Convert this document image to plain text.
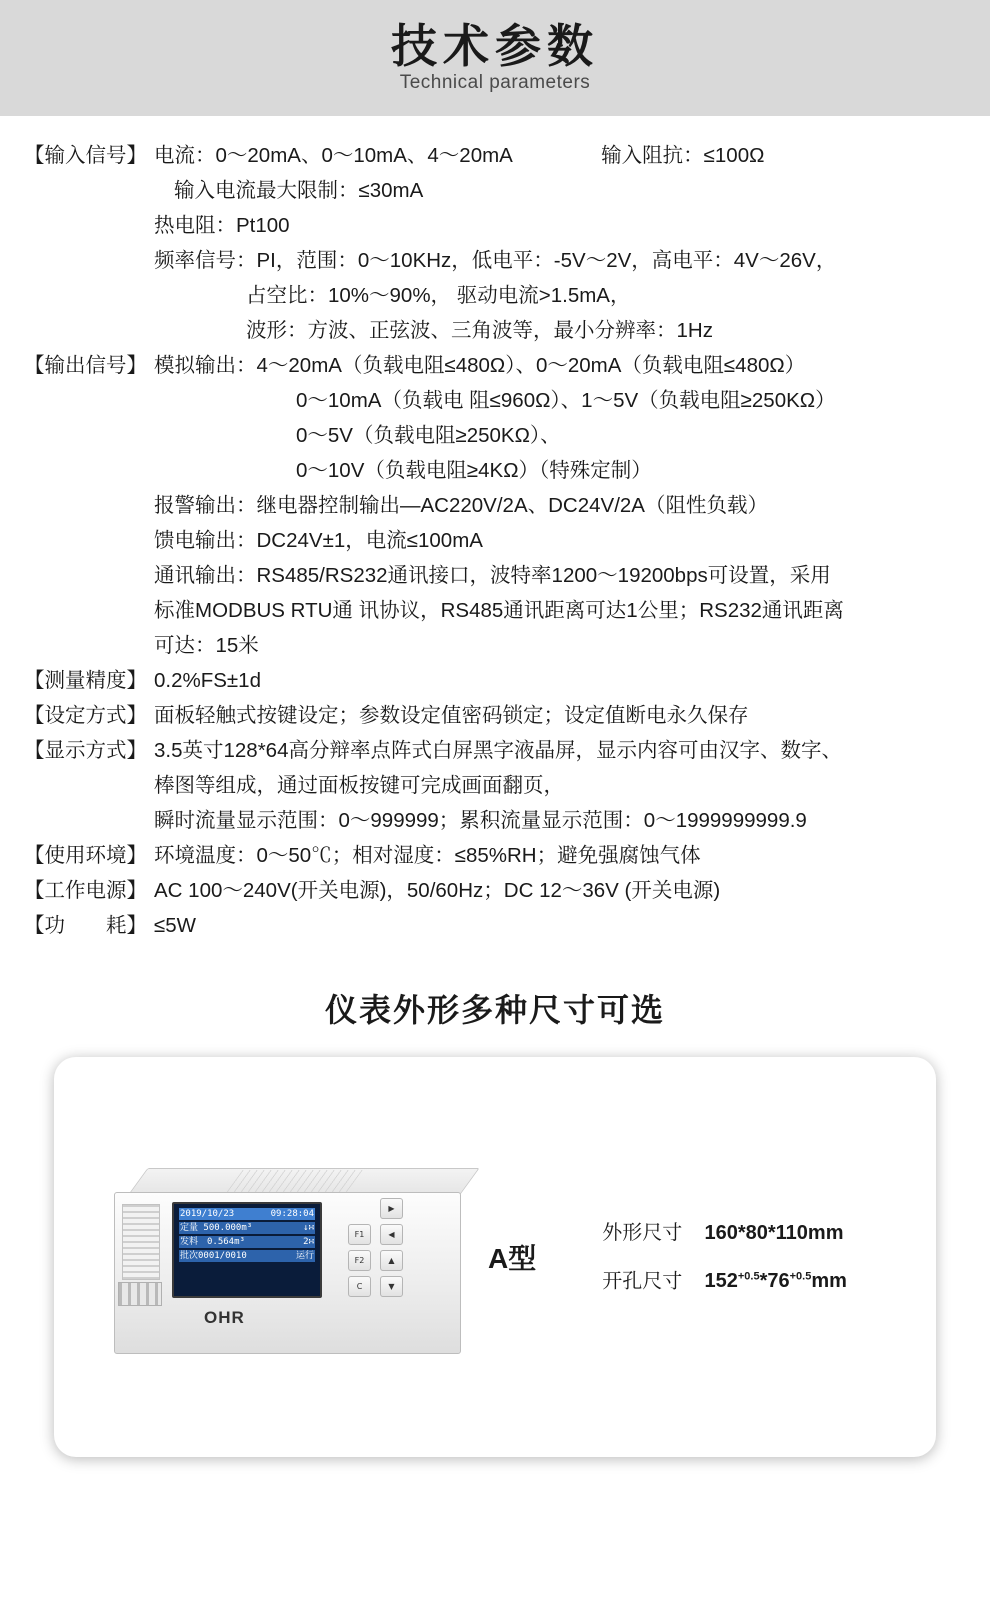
技术参数
Technical parameters
【输入信号】 电流：0～20mA、0～10mA、4～20mA	输入阻抗：≤100Ω
输入电流最大限制：≤30mA
热电阻：Pt100
频率信号：PI，范围：0～10KHz，低电平：-5V～2V，高电平：4V～26V，
占空比：10%～90%， 驱动电流>1.5mA，
波形：方波、正弦波、三角波等，最小分辨率：1Hz
【输出信号】 模拟输出：4～20mA（负载电阻≤480Ω）、0～20mA（负载电阻≤480Ω）
0～10mA（负载电 阻≤960Ω）、1～5V（负载电阻≥250KΩ）
0～5V（负载电阻≥250KΩ）、
0～10V（负载电阻≥4KΩ）（特殊定制）
报警输出：继电器控制输出—AC220V/2A、DC24V/2A（阻性负载）
馈电输出：DC24V±1，电流≤100mA
通讯输出：RS485/RS232通讯接口，波特率1200～19200bps可设置，采用
标准MODBUS RTU通 讯协议，RS485通讯距离可达1公里；RS232通讯距离
可达：15米
【测量精度】 0.2%FS±1d
【设定方式】 面板轻触式按键设定；参数设定值密码锁定；设定值断电永久保存
【显示方式】 3.5英寸128*64高分辩率点阵式白屏黑字液晶屏，显示内容可由汉字、数字、
棒图等组成，通过面板按键可完成画面翻页，
瞬时流量显示范围：0～999999；累积流量显示范围：0～1999999999.9
【使用环境】 环境温度：0～50℃；相对湿度：≤85%RH；避免强腐蚀气体
【工作电源】 AC 100～240V(开关电源)，50/60Hz；DC 12～36V (开关电源)
【功　　耗】 ≤5W
仪表外形多种尺寸可选
2019/10/23	09:28:04
定量 500.000m³	↓∺
发料　0.564m³	2∺
批次0001/0010	运行
▶
F1	◀
F2	▲
C	▼
OHR
A型
外形尺寸 160*80*110mm
开孔尺寸 $152^{+0.5}*76^{+0.5}mm$
